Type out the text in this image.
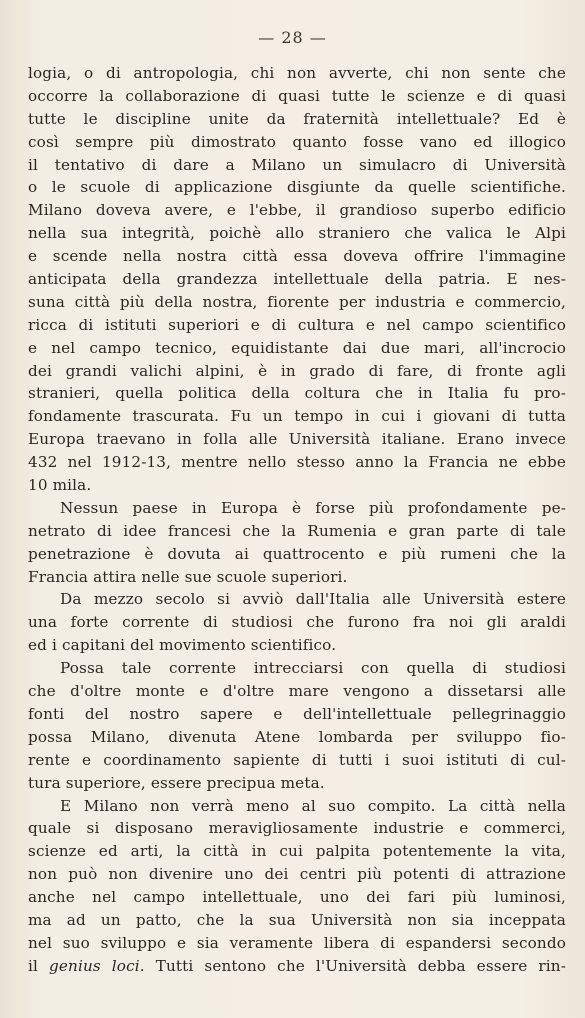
— 28 —
logia, o di antropologia, chi non avverte, chi non sente che
occorre la collaborazione di quasi tutte le scienze e di quasi
tutte le discipline unite da fraternità intellettuale? Ed è
così sempre più dimostrato quanto fosse vano ed illogico
il tentativo di dare a Milano un simulacro di Università
o le scuole di applicazione disgiunte da quelle scientifiche.
Milano doveva avere, e l'ebbe, il grandioso superbo edificio
nella sua integrità, poichè allo straniero che valica le Alpi
e scende nella nostra città essa doveva offrire l'immagine
anticipata della grandezza intellettuale della patria. E nes-
suna città più della nostra, fiorente per industria e commercio,
ricca di istituti superiori e di cultura e nel campo scientifico
e nel campo tecnico, equidistante dai due mari, all'incrocio
dei grandi valichi alpini, è in grado di fare, di fronte agli
stranieri, quella politica della coltura che in Italia fu pro-
fondamente trascurata. Fu un tempo in cui i giovani di tutta
Europa traevano in folla alle Università italiane. Erano invece
432 nel 1912-13, mentre nello stesso anno la Francia ne ebbe
10 mila.
Nessun paese in Europa è forse più profondamente pe-
netrato di idee francesi che la Rumenia e gran parte di tale
penetrazione è dovuta ai quattrocento e più rumeni che la
Francia attira nelle sue scuole superiori.
Da mezzo secolo si avviò dall'Italia alle Università estere
una forte corrente di studiosi che furono fra noi gli araldi
ed i capitani del movimento scientifico.
Possa tale corrente intrecciarsi con quella di studiosi
che d'oltre monte e d'oltre mare vengono a dissetarsi alle
fonti del nostro sapere e dell'intellettuale pellegrinaggio
possa Milano, divenuta Atene lombarda per sviluppo fio-
rente e coordinamento sapiente di tutti i suoi istituti di cul-
tura superiore, essere precipua meta.
E Milano non verrà meno al suo compito. La città nella
quale si disposano meravigliosamente industrie e commerci,
scienze ed arti, la città in cui palpita potentemente la vita,
non può non divenire uno dei centri più potenti di attrazione
anche nel campo intellettuale, uno dei fari più luminosi,
ma ad un patto, che la sua Università non sia inceppata
nel suo sviluppo e sia veramente libera di espandersi secondo
il genius loci. Tutti sentono che l'Università debba essere rin-
